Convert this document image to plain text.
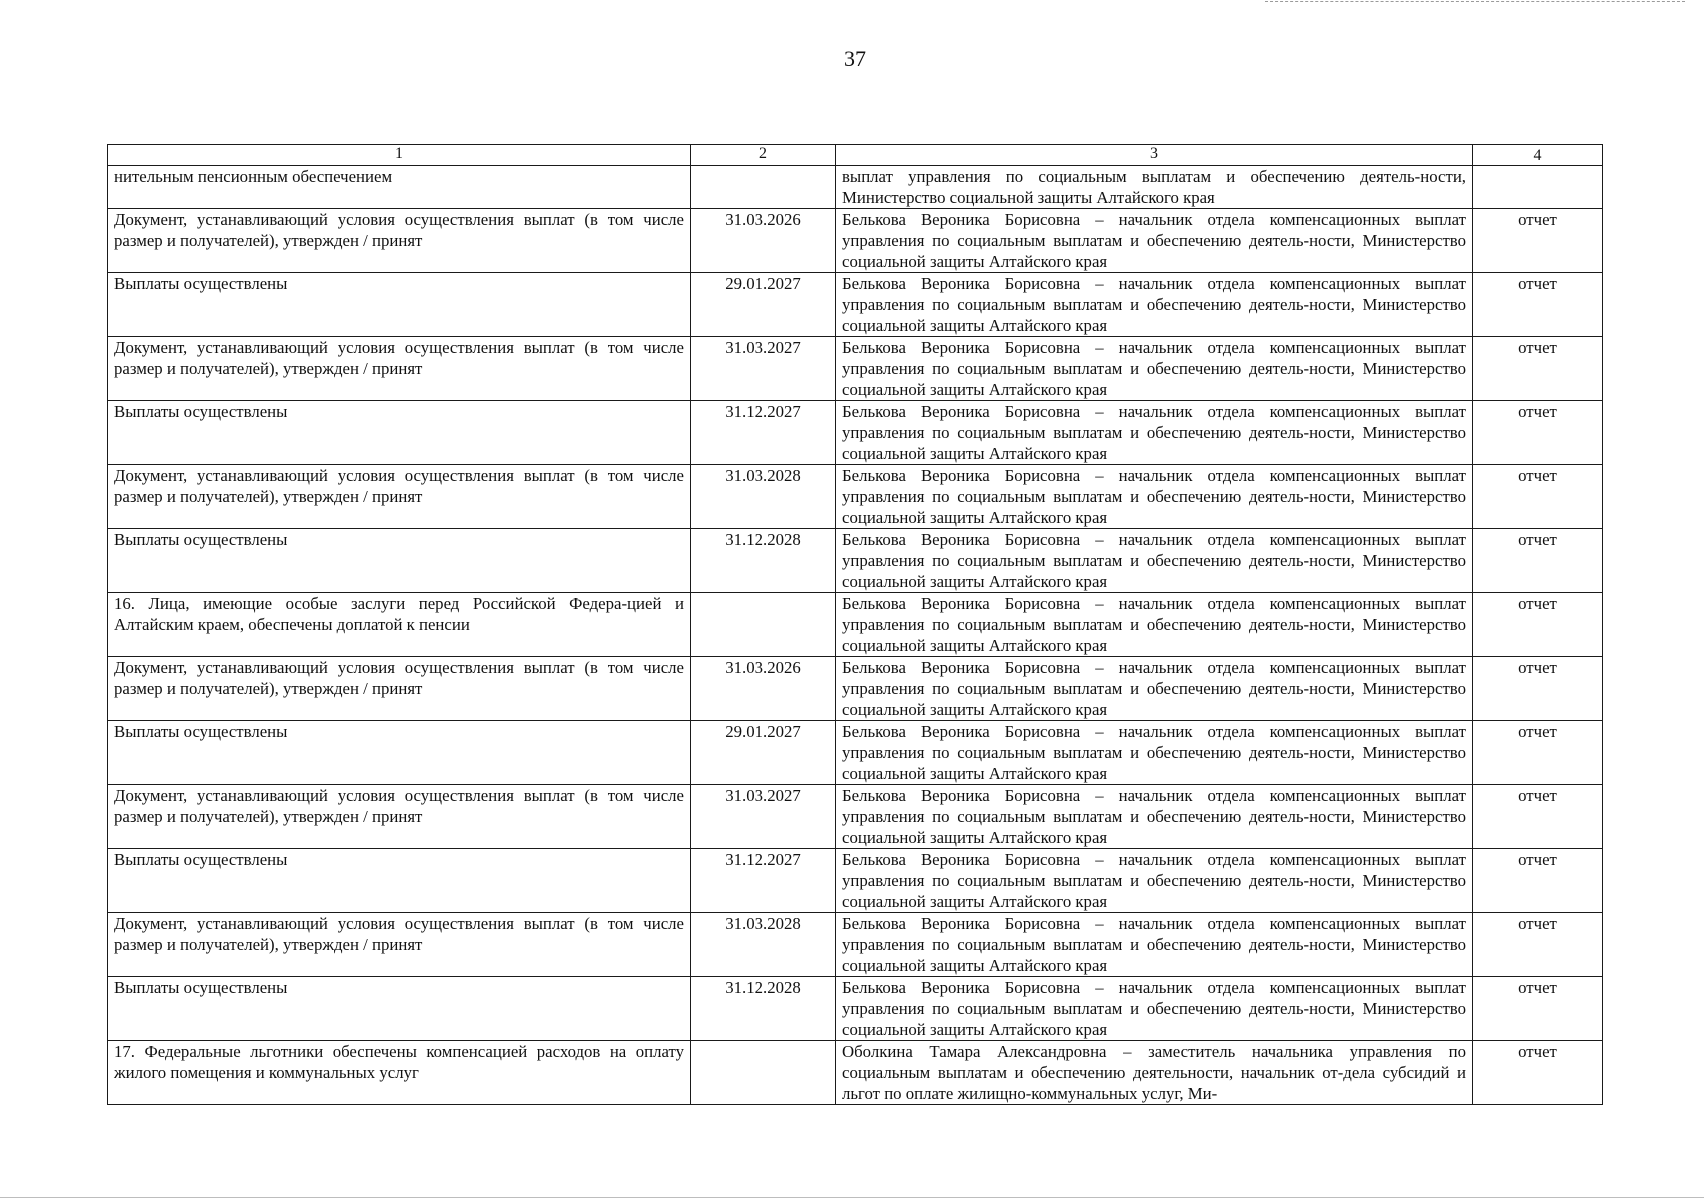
37
1	2	3	4
нительным пенсионным обеспечением		выплат управления по социальным выплатам и обеспечению деятель-ности, Министерство социальной защиты Алтайского края	
Документ, устанавливающий условия осуществления выплат (в том числе размер и получателей), утвержден / принят	31.03.2026	Белькова Вероника Борисовна – начальник отдела компенсационных выплат управления по социальным выплатам и обеспечению деятель-ности, Министерство социальной защиты Алтайского края	отчет
Выплаты осуществлены	29.01.2027	Белькова Вероника Борисовна – начальник отдела компенсационных выплат управления по социальным выплатам и обеспечению деятель-ности, Министерство социальной защиты Алтайского края	отчет
Документ, устанавливающий условия осуществления выплат (в том числе размер и получателей), утвержден / принят	31.03.2027	Белькова Вероника Борисовна – начальник отдела компенсационных выплат управления по социальным выплатам и обеспечению деятель-ности, Министерство социальной защиты Алтайского края	отчет
Выплаты осуществлены	31.12.2027	Белькова Вероника Борисовна – начальник отдела компенсационных выплат управления по социальным выплатам и обеспечению деятель-ности, Министерство социальной защиты Алтайского края	отчет
Документ, устанавливающий условия осуществления выплат (в том числе размер и получателей), утвержден / принят	31.03.2028	Белькова Вероника Борисовна – начальник отдела компенсационных выплат управления по социальным выплатам и обеспечению деятель-ности, Министерство социальной защиты Алтайского края	отчет
Выплаты осуществлены	31.12.2028	Белькова Вероника Борисовна – начальник отдела компенсационных выплат управления по социальным выплатам и обеспечению деятель-ности, Министерство социальной защиты Алтайского края	отчет
16. Лица, имеющие особые заслуги перед Российской Федера-цией и Алтайским краем, обеспечены доплатой к пенсии		Белькова Вероника Борисовна – начальник отдела компенсационных выплат управления по социальным выплатам и обеспечению деятель-ности, Министерство социальной защиты Алтайского края	отчет
Документ, устанавливающий условия осуществления выплат (в том числе размер и получателей), утвержден / принят	31.03.2026	Белькова Вероника Борисовна – начальник отдела компенсационных выплат управления по социальным выплатам и обеспечению деятель-ности, Министерство социальной защиты Алтайского края	отчет
Выплаты осуществлены	29.01.2027	Белькова Вероника Борисовна – начальник отдела компенсационных выплат управления по социальным выплатам и обеспечению деятель-ности, Министерство социальной защиты Алтайского края	отчет
Документ, устанавливающий условия осуществления выплат (в том числе размер и получателей), утвержден / принят	31.03.2027	Белькова Вероника Борисовна – начальник отдела компенсационных выплат управления по социальным выплатам и обеспечению деятель-ности, Министерство социальной защиты Алтайского края	отчет
Выплаты осуществлены	31.12.2027	Белькова Вероника Борисовна – начальник отдела компенсационных выплат управления по социальным выплатам и обеспечению деятель-ности, Министерство социальной защиты Алтайского края	отчет
Документ, устанавливающий условия осуществления выплат (в том числе размер и получателей), утвержден / принят	31.03.2028	Белькова Вероника Борисовна – начальник отдела компенсационных выплат управления по социальным выплатам и обеспечению деятель-ности, Министерство социальной защиты Алтайского края	отчет
Выплаты осуществлены	31.12.2028	Белькова Вероника Борисовна – начальник отдела компенсационных выплат управления по социальным выплатам и обеспечению деятель-ности, Министерство социальной защиты Алтайского края	отчет
17. Федеральные льготники обеспечены компенсацией расходов на оплату жилого помещения и коммунальных услуг		Оболкина Тамара Александровна – заместитель начальника управления по социальным выплатам и обеспечению деятельности, начальник от-дела субсидий и льгот по оплате жилищно-коммунальных услуг, Ми-	отчет
